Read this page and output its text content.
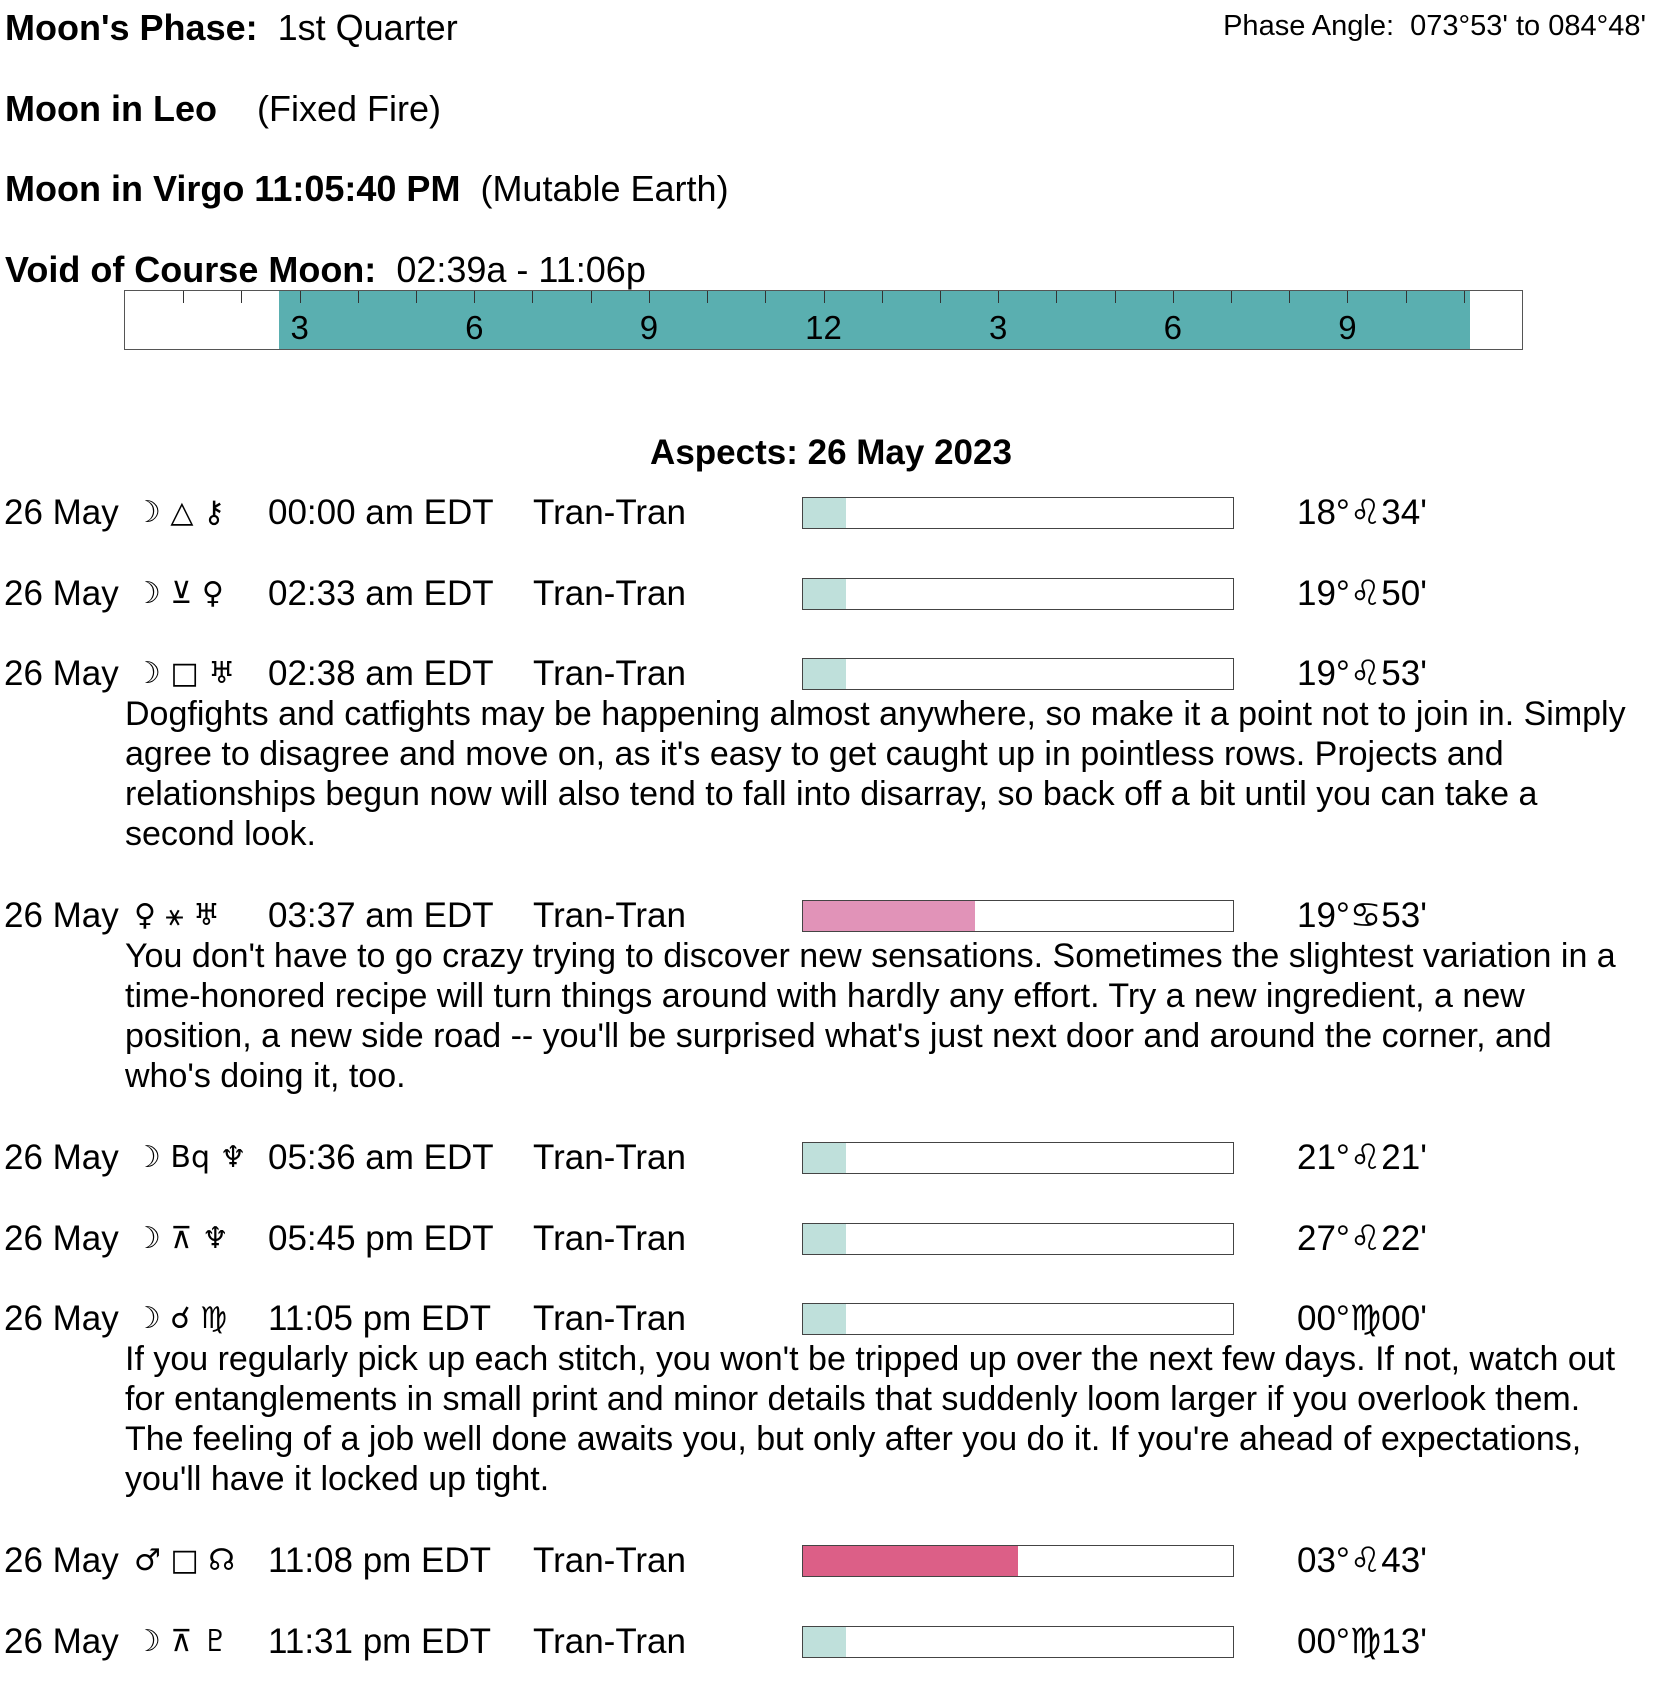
Moon's Phase: 1st Quarter	Phase Angle: 073°53' to 084°48'
Moon in Leo (Fixed Fire)
Moon in Virgo 11:05:40 PM (Mutable Earth)
Void of Course Moon: 02:39a - 11:06p
3	6	9	12	3	6	9
Aspects: 26 May 2023
26 May ☽ △ ⚷	00:00 am EDT Tran-Tran	18°♌34'
26 May ☽ ⊻ ♀	02:33 am EDT Tran-Tran	19°♌50'
26 May ☽ □ ♅ 02:38 am EDT Tran-Tran	19°♌53'
Dogfights and catfights may be happening almost anywhere, so make it a point not to join in. Simply agree to disagree and move on, as it's easy to get caught up in pointless rows. Projects and relationships begun now will also tend to fall into disarray, so back off a bit until you can take a second look.
26 May ♀ ⚹ ♅	03:37 am EDT Tran-Tran	19°♋53'
You don't have to go crazy trying to discover new sensations. Sometimes the slightest variation in a time-honored recipe will turn things around with hardly any effort. Try a new ingredient, a new position, a new side road -- you'll be surprised what's just next door and around the corner, and who's doing it, too.
26 May ☽ Bq ♆ 05:36 am EDT Tran-Tran	21°♌21'
26 May ☽ ⊼ ♆	05:45 pm EDT Tran-Tran	27°♌22'
26 May ☽ ☌ ♍	11:05 pm EDT Tran-Tran	00°♍00'
If you regularly pick up each stitch, you won't be tripped up over the next few days. If not, watch out for entanglements in small print and minor details that suddenly loom larger if you overlook them. The feeling of a job well done awaits you, but only after you do it. If you're ahead of expectations, you'll have it locked up tight.
26 May ♂ □ ☊ 11:08 pm EDT Tran-Tran	03°♌43'
26 May ☽ ⊼ ♇	11:31 pm EDT Tran-Tran	00°♍13'
